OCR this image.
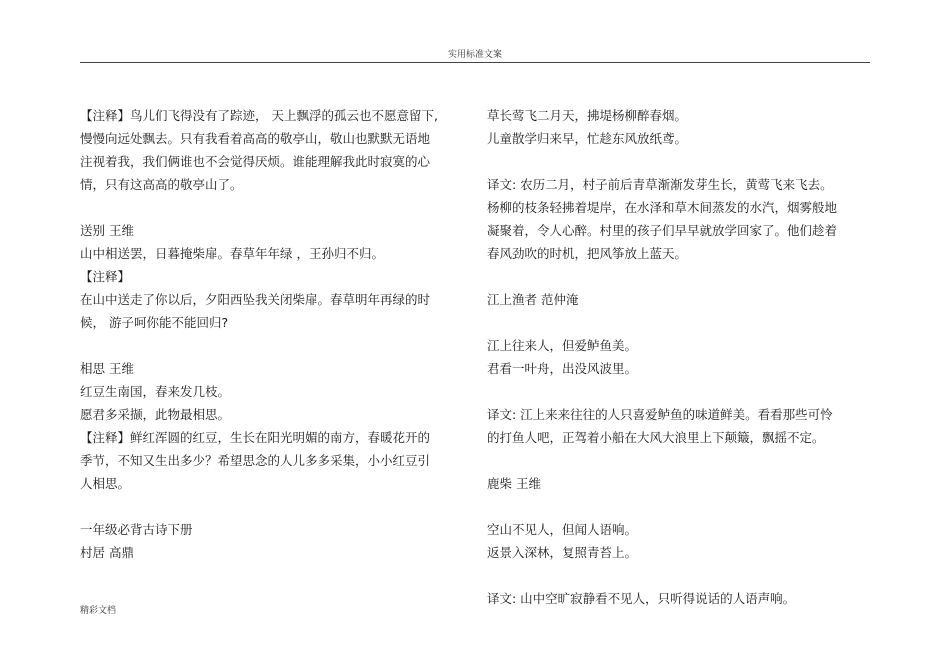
实用标准文案
【注释】鸟儿们飞得没有了踪迹， 天上飘浮的孤云也不愿意留下,
慢慢向远处飘去。只有我看着高高的敬亭山，敬山也默默无语地
注视着我，我们俩谁也不会觉得厌烦。谁能理解我此时寂寞的心
情，只有这高高的敬亭山了。
送别 王维
山中相送罢，日暮掩柴扉。春草年年绿 ，王孙归不归。
【注释】
在山中送走了你以后，夕阳西坠我关闭柴扉。春草明年再绿的时
候， 游子呵你能不能回归?
相思 王维
红豆生南国，春来发几枝。
愿君多采撷，此物最相思。
【注释】鲜红浑圆的红豆，生长在阳光明媚的南方，春暖花开的
季节，不知又生出多少？希望思念的人儿多多采集，小小红豆引
人相思。
一年级必背古诗下册
村居 高鼎
草长莺飞二月天，拂堤杨柳醉春烟。
儿童散学归来早，忙趁东风放纸鸢。
译文: 农历二月，村子前后青草渐渐发芽生长，黄莺飞来飞去。
杨柳的枝条轻拂着堤岸，在水泽和草木间蒸发的水汽，烟雾般地
凝聚着，令人心醉。村里的孩子们早早就放学回家了。他们趁着
春风劲吹的时机，把风筝放上蓝天。
江上渔者 范仲淹
江上往来人，但爱鲈鱼美。
君看一叶舟，出没风波里。
译文: 江上来来往往的人只喜爱鲈鱼的味道鲜美。看看那些可怜
的打鱼人吧，正驾着小船在大风大浪里上下颠簸，飘摇不定。
鹿柴 王维
空山不见人，但闻人语响。
返景入深林，复照青苔上。
译文: 山中空旷寂静看不见人，只听得说话的人语声响。
精彩文档
